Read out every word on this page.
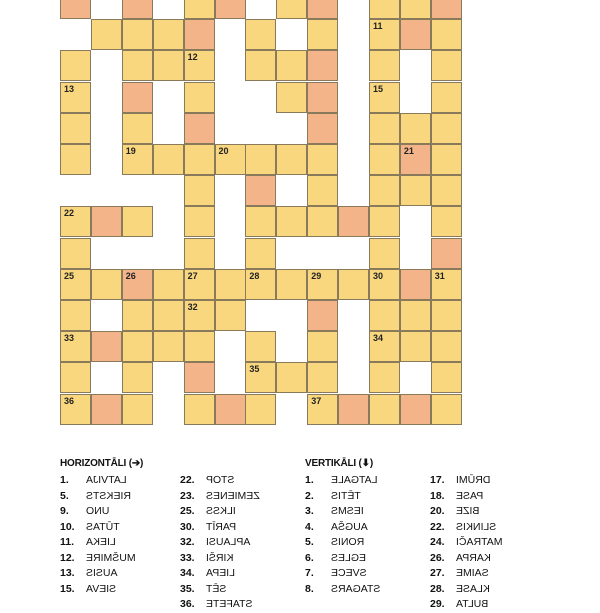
11
12
13	15
19	20	21
22
25	26	27	28	29	30	31
32
33	34
35
36	37
HORIZONTĀLI (➔)
1. LATVIJA
5. RIEKSTS
9. UNO
10. TŪTAS
11. LIEKA
12. MUŠMIRE
13. AUSIS
15. SIEVA

22. STOP
23. ZEMIENES
25. ILKSS
30. PARĪT
32. APLAUSI
33. KIRŠI
34. LIEPA
35. SĒT
36. STAFETE
VERTIKĀLI (⬇)
1. LATGALE
2. TĒTIS
3. IESMS
4. AUGŠA
5. RONIS
6. EGLES
7. SVECE
8. STAGARS

17. DRŪMI
18. PASE
20. BIZE
22. SLINKIS
24. MATRAČI
26. KARPA
27. SAIME
28. KLASE
29. BULTA
